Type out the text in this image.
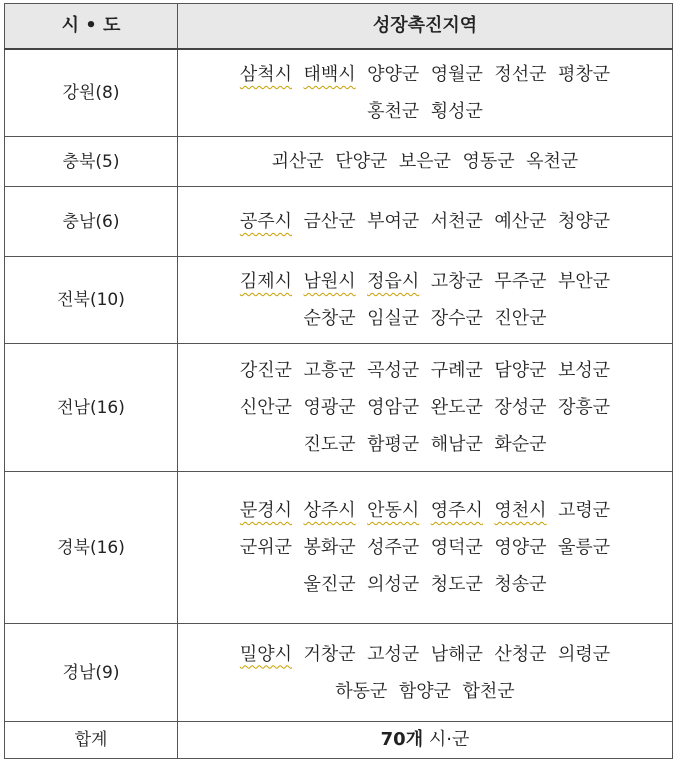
시 • 도	성장촉진지역
강원(8)	삼척시 태백시 양양군 영월군 정선군 평창군
홍천군 횡성군

충북(5)	괴산군 단양군 보은군 영동군 옥천군

충남(6)	공주시 금산군 부여군 서천군 예산군 청양군

전북(10)	김제시 남원시 정읍시 고창군 무주군 부안군
순창군 임실군 장수군 진안군

전남(16)	강진군 고흥군 곡성군 구례군 담양군 보성군
신안군 영광군 영암군 완도군 장성군 장흥군
진도군 함평군 해남군 화순군

경북(16)	문경시 상주시 안동시 영주시 영천시 고령군
군위군 봉화군 성주군 영덕군 영양군 울릉군
울진군 의성군 청도군 청송군

경남(9)	밀양시 거창군 고성군 남해군 산청군 의령군
하동군 함양군 합천군

합계	70개 시·군
